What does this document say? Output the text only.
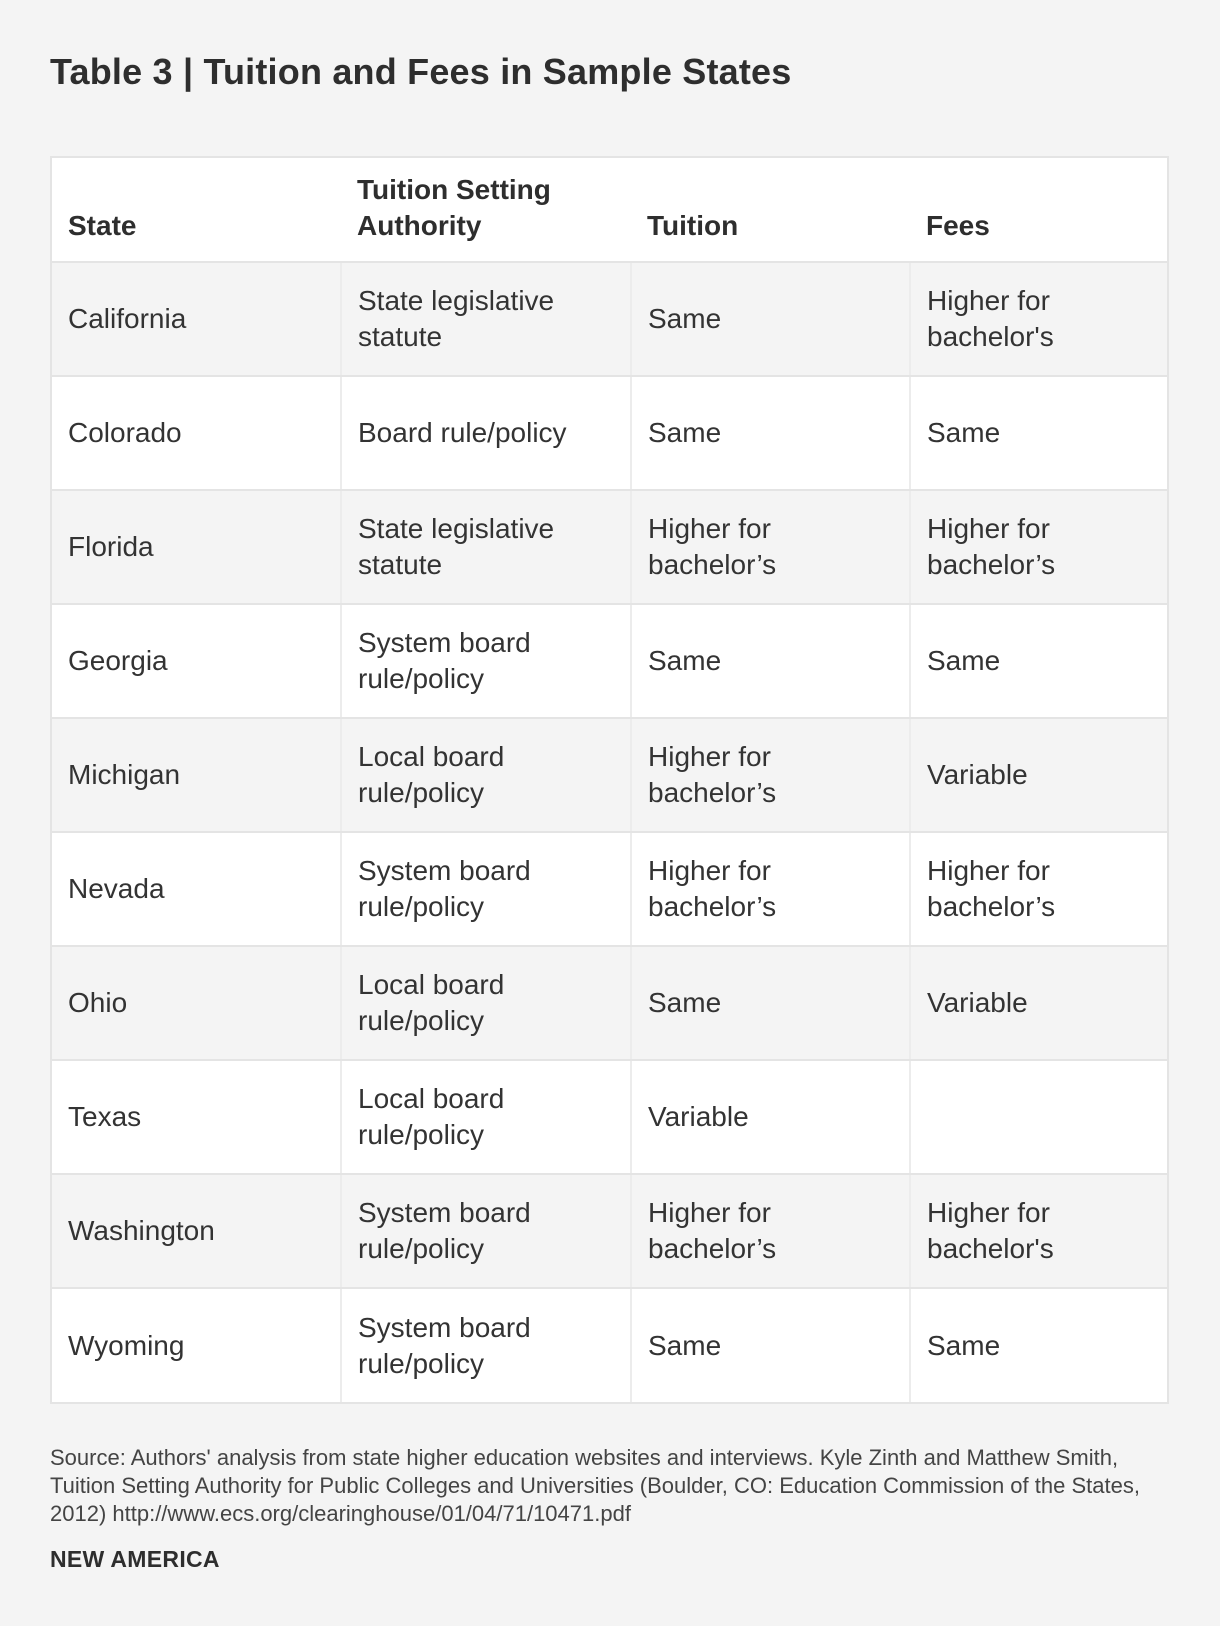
Table 3 | Tuition and Fees in Sample States
State	Tuition Setting Authority	Tuition	Fees
California	State legislative statute	Same	Higher for bachelor's
Colorado	Board rule/policy	Same	Same
Florida	State legislative statute	Higher for bachelor’s	Higher for bachelor’s
Georgia	System board rule/policy	Same	Same
Michigan	Local board rule/policy	Higher for bachelor’s	Variable
Nevada	System board rule/policy	Higher for bachelor’s	Higher for bachelor’s
Ohio	Local board rule/policy	Same	Variable
Texas	Local board rule/policy	Variable	
Washington	System board rule/policy	Higher for bachelor’s	Higher for bachelor's
Wyoming	System board rule/policy	Same	Same

Source: Authors' analysis from state higher education websites and interviews. Kyle Zinth and Matthew Smith, Tuition Setting Authority for Public Colleges and Universities (Boulder, CO: Education Commission of the States, 2012) http://www.ecs.org/clearinghouse/01/04/71/10471.pdf

NEW AMERICA
